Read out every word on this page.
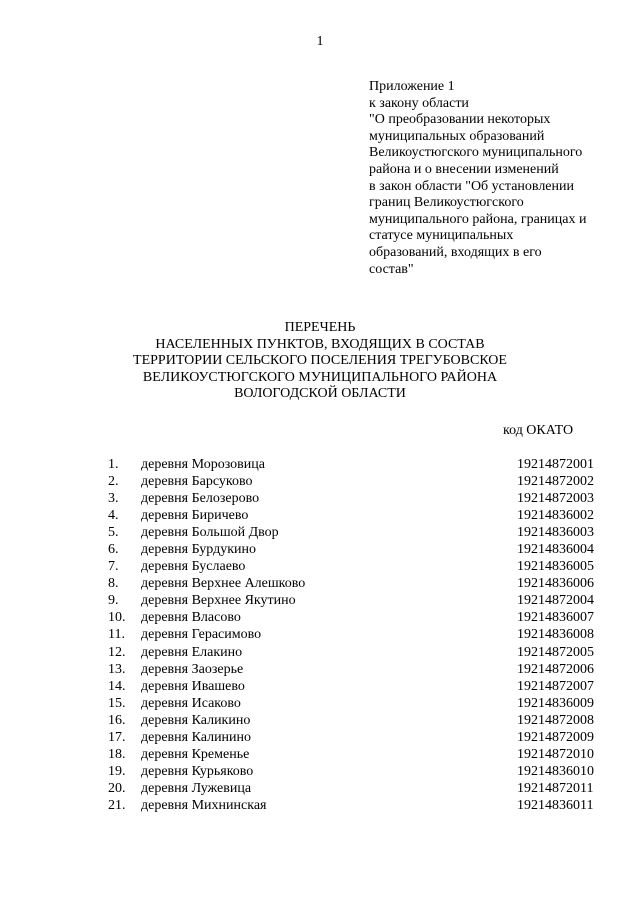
1
Приложение 1
к закону области
"О преобразовании некоторых
муниципальных образований
Великоустюгского муниципального
района и о внесении изменений
в закон области "Об установлении
границ Великоустюгского
муниципального района, границах и
статусе муниципальных
образований, входящих в его
состав"
ПЕРЕЧЕНЬ
НАСЕЛЕННЫХ ПУНКТОВ, ВХОДЯЩИХ В СОСТАВ
ТЕРРИТОРИИ СЕЛЬСКОГО ПОСЕЛЕНИЯ ТРЕГУБОВСКОЕ
ВЕЛИКОУСТЮГСКОГО МУНИЦИПАЛЬНОГО РАЙОНА
ВОЛОГОДСКОЙ ОБЛАСТИ
код ОКАТО
1. деревня Морозовица	19214872001
2. деревня Барсуково	19214872002
3. деревня Белозерово	19214872003
4. деревня Биричево	19214836002
5. деревня Большой Двор	19214836003
6. деревня Бурдукино	19214836004
7. деревня Буслаево	19214836005
8. деревня Верхнее Алешково	19214836006
9. деревня Верхнее Якутино	19214872004
10. деревня Власово	19214836007
11. деревня Герасимово	19214836008
12. деревня Елакино	19214872005
13. деревня Заозерье	19214872006
14. деревня Ивашево	19214872007
15. деревня Исаково	19214836009
16. деревня Каликино	19214872008
17. деревня Калинино	19214872009
18. деревня Кременье	19214872010
19. деревня Курьяково	19214836010
20. деревня Лужевица	19214872011
21. деревня Михнинская	19214836011
